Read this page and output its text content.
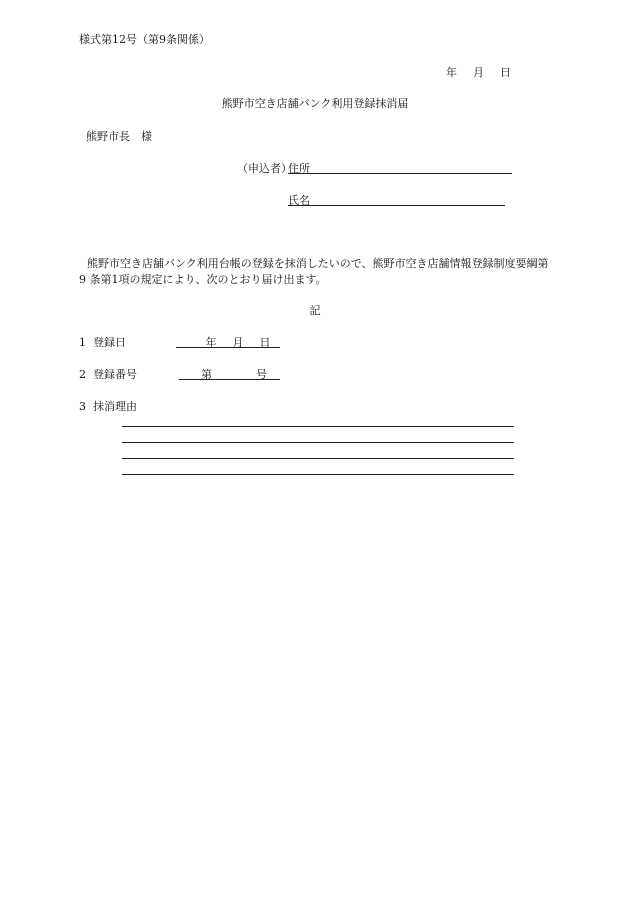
様式第12号（第9条関係）
年 月 日
熊野市空き店舗バンク利用登録抹消届
熊野市長　様
（申込者）
住所
氏名
熊野市空き店舗バンク利用台帳の登録を抹消したいので、熊野市空き店舗情報登録制度要綱第 9 条第1項の規定により、次のとおり届け出ます。
記
1 登録日	年 月 日
2 登録番号	第	号
3 抹消理由
